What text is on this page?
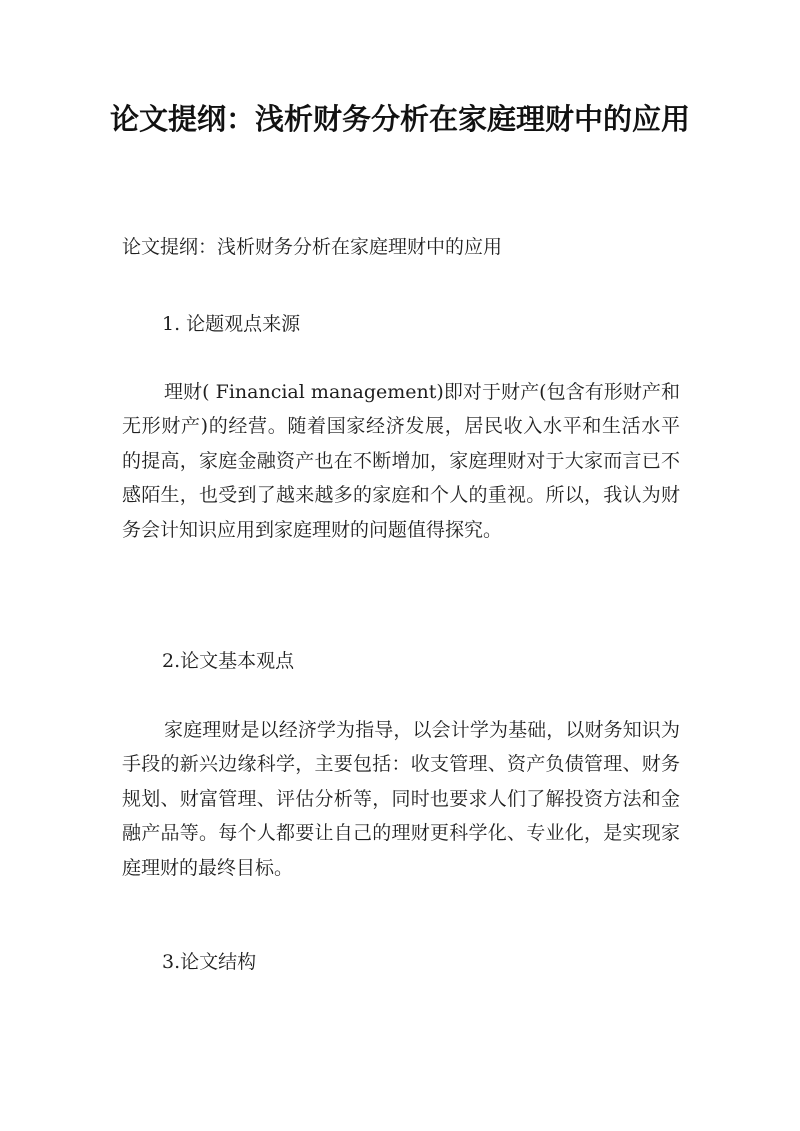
论文提纲：浅析财务分析在家庭理财中的应用

论文提纲：浅析财务分析在家庭理财中的应用

1. 论题观点来源

理财( Financial management)即对于财产(包含有形财产和无形财产)的经营。随着国家经济发展，居民收入水平和生活水平的提高，家庭金融资产也在不断增加，家庭理财对于大家而言已不感陌生，也受到了越来越多的家庭和个人的重视。所以，我认为财务会计知识应用到家庭理财的问题值得探究。

2.论文基本观点

家庭理财是以经济学为指导，以会计学为基础，以财务知识为手段的新兴边缘科学，主要包括：收支管理、资产负债管理、财务规划、财富管理、评估分析等，同时也要求人们了解投资方法和金融产品等。每个人都要让自己的理财更科学化、专业化，是实现家庭理财的最终目标。

3.论文结构
